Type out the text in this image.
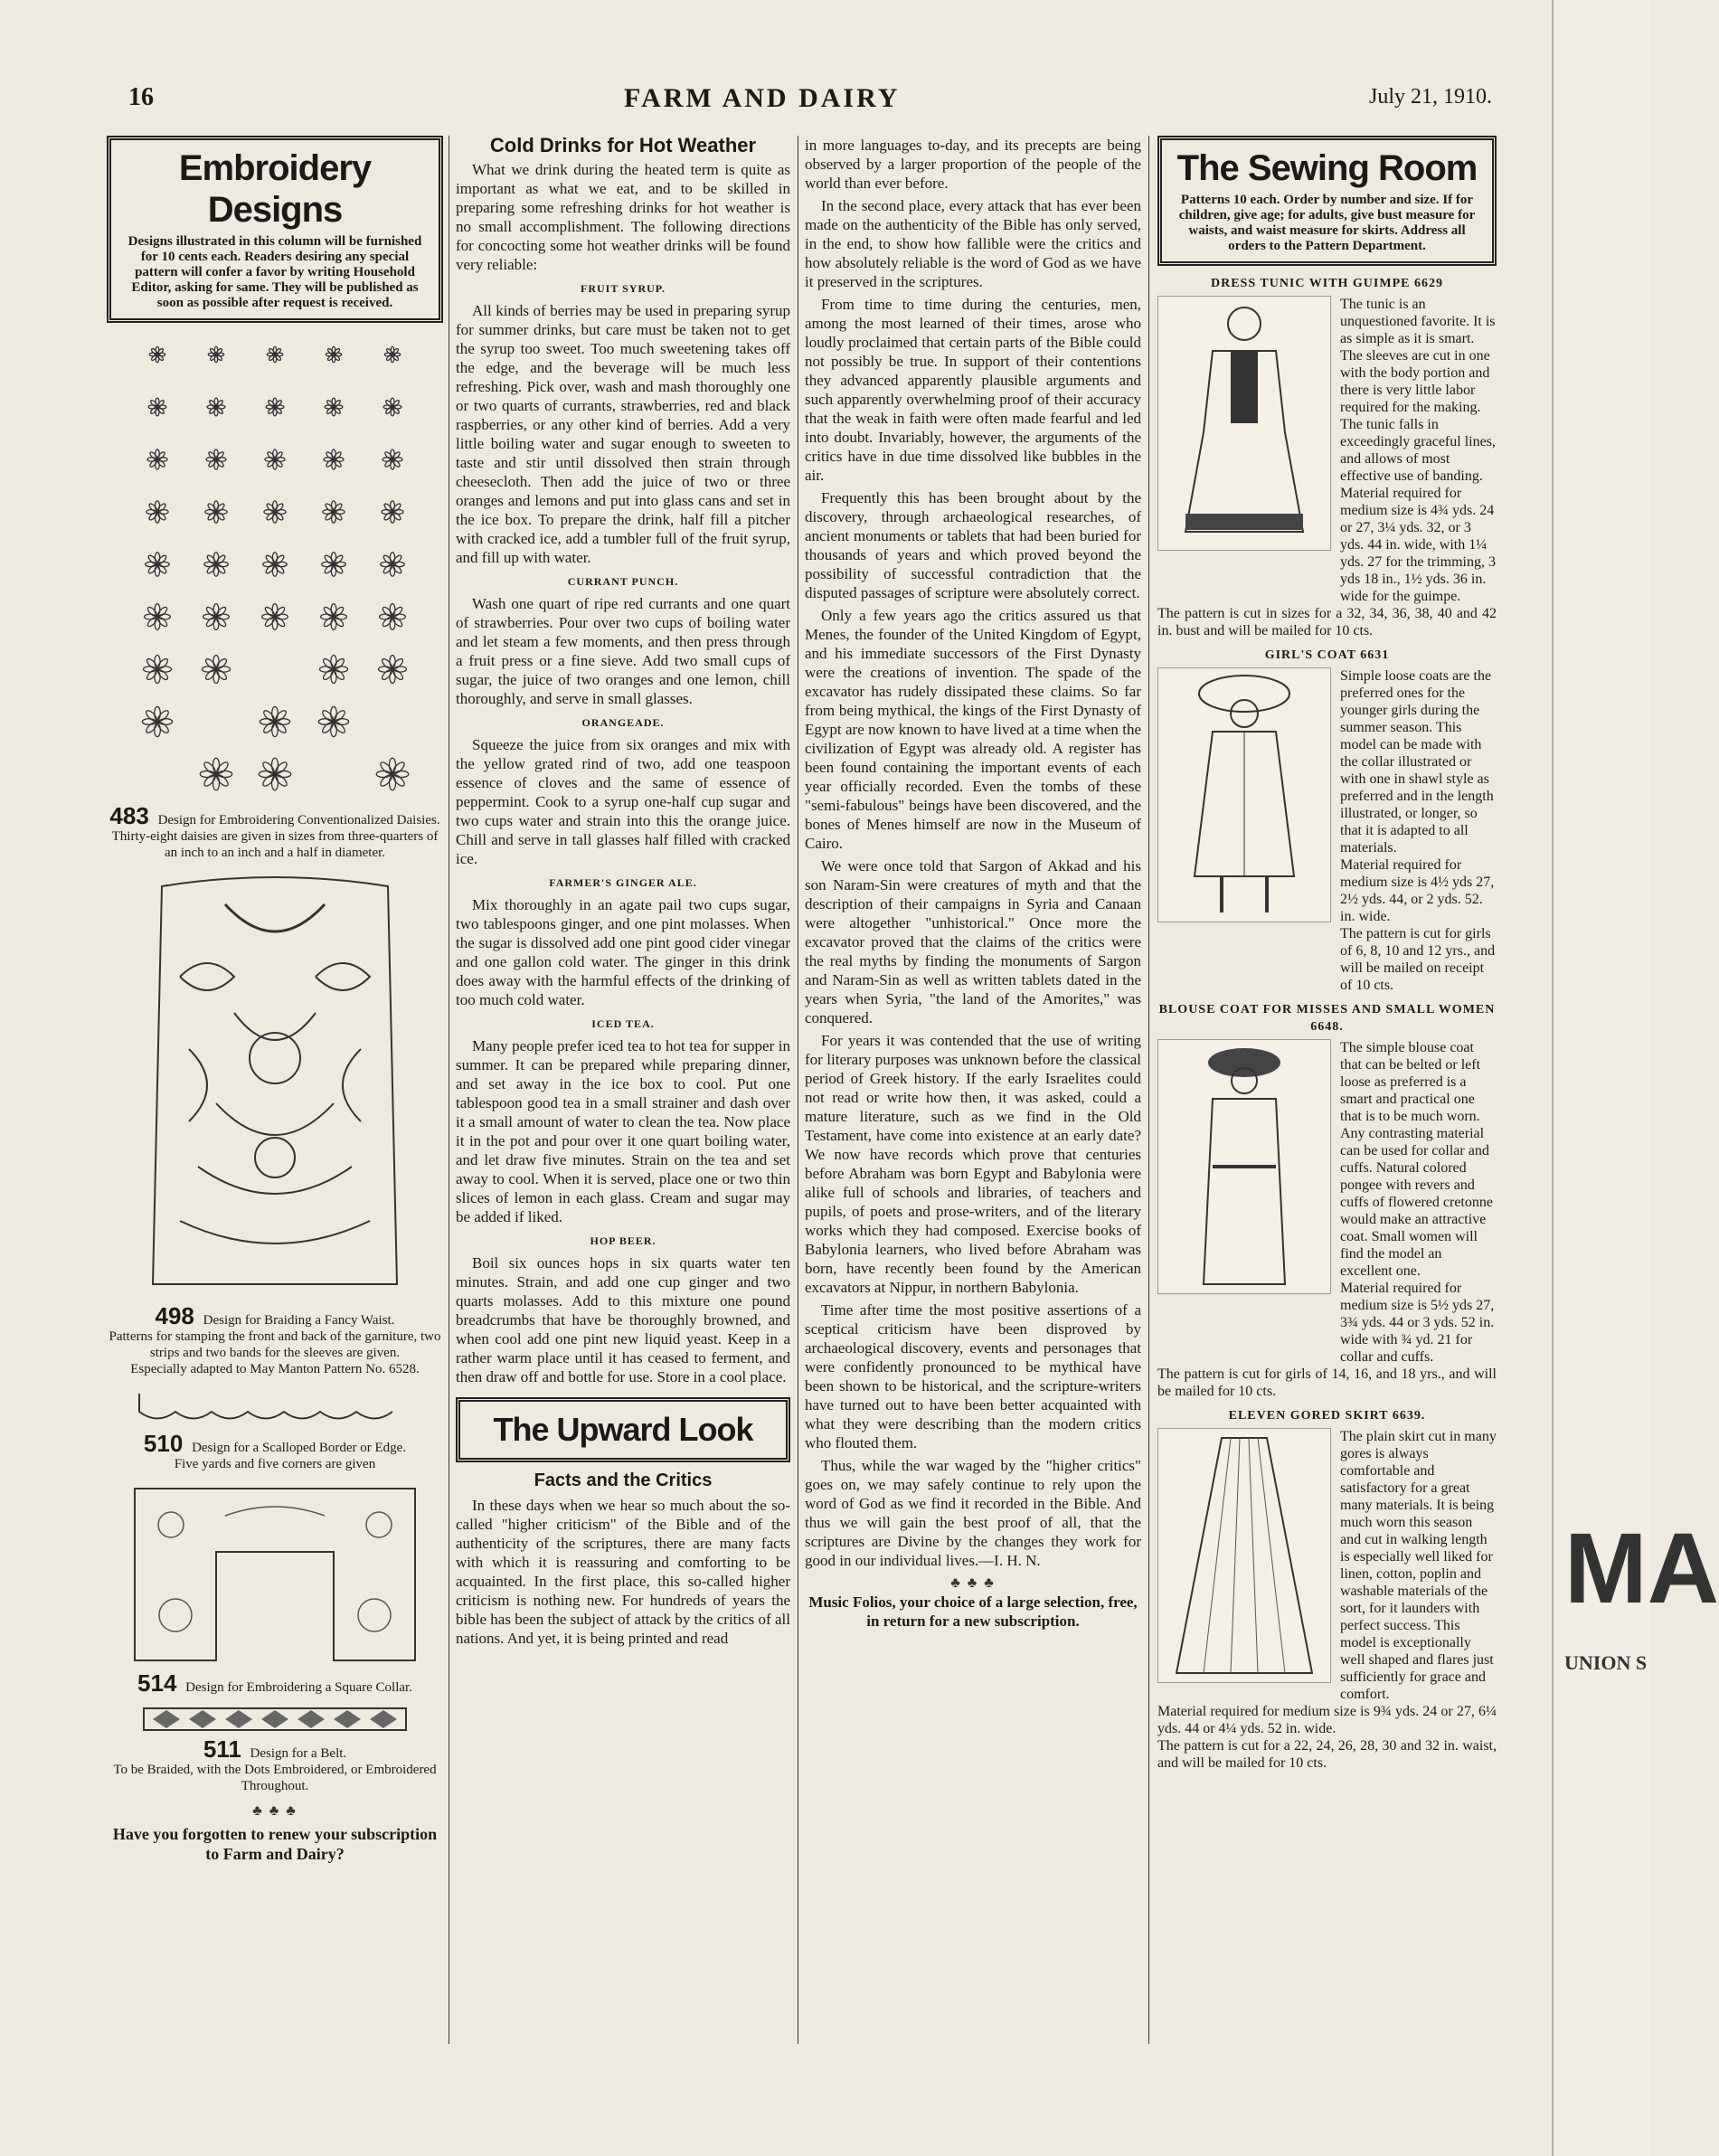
16	FARM AND DAIRY	July 21, 1910.
Embroidery Designs
Designs illustrated in this column will be furnished for 10 cents each. Readers desiring any special pattern will confer a favor by writing Household Editor, asking for same. They will be published as soon as possible after request is received.
483 Design for Embroidering Conventionalized Daisies.
Thirty-eight daisies are given in sizes from three-quarters of an inch to an inch and a half in diameter.
498 Design for Braiding a Fancy Waist.
Patterns for stamping the front and back of the garniture, two strips and two bands for the sleeves are given.
Especially adapted to May Manton Pattern No. 6528.
510 Design for a Scalloped Border or Edge.
Five yards and five corners are given
514 Design for Embroidering a Square Collar.
511 Design for a Belt.
To be Braided, with the Dots Embroidered, or Embroidered Throughout.
♣ ♣ ♣
Have you forgotten to renew your subscription to Farm and Dairy?
Cold Drinks for Hot Weather

What we drink during the heated term is quite as important as what we eat, and to be skilled in preparing some refreshing drinks for hot weather is no small accomplishment. The following directions for concocting some hot weather drinks will be found very reliable:

FRUIT SYRUP.

All kinds of berries may be used in preparing syrup for summer drinks, but care must be taken not to get the syrup too sweet. Too much sweetening takes off the edge, and the beverage will be much less refreshing. Pick over, wash and mash thoroughly one or two quarts of currants, strawberries, red and black raspberries, or any other kind of berries. Add a very little boiling water and sugar enough to sweeten to taste and stir until dissolved then strain through cheesecloth. Then add the juice of two or three oranges and lemons and put into glass cans and set in the ice box. To prepare the drink, half fill a pitcher with cracked ice, add a tumbler full of the fruit syrup, and fill up with water.

CURRANT PUNCH.

Wash one quart of ripe red currants and one quart of strawberries. Pour over two cups of boiling water and let steam a few moments, and then press through a fruit press or a fine sieve. Add two small cups of sugar, the juice of two oranges and one lemon, chill thoroughly, and serve in small glasses.

ORANGEADE.

Squeeze the juice from six oranges and mix with the yellow grated rind of two, add one teaspoon essence of cloves and the same of essence of peppermint. Cook to a syrup one-half cup sugar and two cups water and strain into this the orange juice. Chill and serve in tall glasses half filled with cracked ice.

FARMER'S GINGER ALE.

Mix thoroughly in an agate pail two cups sugar, two tablespoons ginger, and one pint molasses. When the sugar is dissolved add one pint good cider vinegar and one gallon cold water. The ginger in this drink does away with the harmful effects of the drinking of too much cold water.

ICED TEA.

Many people prefer iced tea to hot tea for supper in summer. It can be prepared while preparing dinner, and set away in the ice box to cool. Put one tablespoon good tea in a small strainer and dash over it a small amount of water to clean the tea. Now place it in the pot and pour over it one quart boiling water, and let draw five minutes. Strain on the tea and set away to cool. When it is served, place one or two thin slices of lemon in each glass. Cream and sugar may be added if liked.

HOP BEER.

Boil six ounces hops in six quarts water ten minutes. Strain, and add one cup ginger and two quarts molasses. Add to this mixture one pound breadcrumbs that have be thoroughly browned, and when cool add one pint new liquid yeast. Keep in a rather warm place until it has ceased to ferment, and then draw off and bottle for use. Store in a cool place.

The Upward Look
Facts and the Critics

In these days when we hear so much about the so-called "higher criticism" of the Bible and of the authenticity of the scriptures, there are many facts with which it is reassuring and comforting to be acquainted. In the first place, this so-called higher criticism is nothing new. For hundreds of years the bible has been the subject of attack by the critics of all nations. And yet, it is being printed and read

in more languages to-day, and its precepts are being observed by a larger proportion of the people of the world than ever before.

In the second place, every attack that has ever been made on the authenticity of the Bible has only served, in the end, to show how fallible were the critics and how absolutely reliable is the word of God as we have it preserved in the scriptures.

From time to time during the centuries, men, among the most learned of their times, arose who loudly proclaimed that certain parts of the Bible could not possibly be true. In support of their contentions they advanced apparently plausible arguments and such apparently overwhelming proof of their accuracy that the weak in faith were often made fearful and led into doubt. Invariably, however, the arguments of the critics have in due time dissolved like bubbles in the air.

Frequently this has been brought about by the discovery, through archaeological researches, of ancient monuments or tablets that had been buried for thousands of years and which proved beyond the possibility of successful contradiction that the disputed passages of scripture were absolutely correct.

Only a few years ago the critics assured us that Menes, the founder of the United Kingdom of Egypt, and his immediate successors of the First Dynasty were the creations of invention. The spade of the excavator has rudely dissipated these claims. So far from being mythical, the kings of the First Dynasty of Egypt are now known to have lived at a time when the civilization of Egypt was already old. A register has been found containing the important events of each year officially recorded. Even the tombs of these "semi-fabulous" beings have been discovered, and the bones of Menes himself are now in the Museum of Cairo.

We were once told that Sargon of Akkad and his son Naram-Sin were creatures of myth and that the description of their campaigns in Syria and Canaan were altogether "unhistorical." Once more the excavator proved that the claims of the critics were the real myths by finding the monuments of Sargon and Naram-Sin as well as written tablets dated in the years when Syria, "the land of the Amorites," was conquered.

For years it was contended that the use of writing for literary purposes was unknown before the classical period of Greek history. If the early Israelites could not read or write how then, it was asked, could a mature literature, such as we find in the Old Testament, have come into existence at an early date? We now have records which prove that centuries before Abraham was born Egypt and Babylonia were alike full of schools and libraries, of teachers and pupils, of poets and prose-writers, and of the literary works which they had composed. Exercise books of Babylonia learners, who lived before Abraham was born, have recently been found by the American excavators at Nippur, in northern Babylonia.

Time after time the most positive assertions of a sceptical criticism have been disproved by archaeological discovery, events and personages that were confidently pronounced to be mythical have been shown to be historical, and the scripture-writers have turned out to have been better acquainted with what they were describing than the modern critics who flouted them.

Thus, while the war waged by the "higher critics" goes on, we may safely continue to rely upon the word of God as we find it recorded in the Bible. And thus we will gain the best proof of all, that the scriptures are Divine by the changes they work for good in our individual lives.—I. H. N.

♣ ♣ ♣
Music Folios, your choice of a large selection, free, in return for a new subscription.
The Sewing Room
Patterns 10 each. Order by number and size. If for children, give age; for adults, give bust measure for waists, and waist measure for skirts. Address all orders to the Pattern Department.
DRESS TUNIC WITH GUIMPE 6629
The tunic is an unquestioned favorite. It is as simple as it is smart. The sleeves are cut in one with the body portion and there is very little labor required for the making. The tunic falls in exceedingly graceful lines, and allows of most effective use of banding.
Material required for medium size is 4¾ yds. 24 or 27, 3¼ yds. 32, or 3 yds. 44 in. wide, with 1¼ yds. 27 for the trimming, 3 yds 18 in., 1½ yds. 36 in. wide for the guimpe.
The pattern is cut in sizes for a 32, 34, 36, 38, 40 and 42 in. bust and will be mailed for 10 cts.
GIRL'S COAT 6631
Simple loose coats are the preferred ones for the younger girls during the summer season. This model can be made with the collar illustrated or with one in shawl style as preferred and in the length illustrated, or longer, so that it is adapted to all materials.
Material required for medium size is 4½ yds 27, 2½ yds. 44, or 2 yds. 52. in. wide.
The pattern is cut for girls of 6, 8, 10 and 12 yrs., and will be mailed on receipt of 10 cts.
BLOUSE COAT FOR MISSES AND SMALL WOMEN 6648.
The simple blouse coat that can be belted or left loose as preferred is a smart and practical one that is to be much worn. Any contrasting material can be used for collar and cuffs. Natural colored pongee with revers and cuffs of flowered cretonne would make an attractive coat. Small women will find the model an excellent one.
Material required for medium size is 5½ yds 27, 3¾ yds. 44 or 3 yds. 52 in. wide with ¾ yd. 21 for collar and cuffs.
The pattern is cut for girls of 14, 16, and 18 yrs., and will be mailed for 10 cts.
ELEVEN GORED SKIRT 6639.
The plain skirt cut in many gores is always comfortable and satisfactory for a great many materials. It is being much worn this season and cut in walking length is especially well liked for linen, cotton, poplin and washable materials of the sort, for it launders with perfect success. This model is exceptionally well shaped and flares just sufficiently for grace and comfort.
Material required for medium size is 9¾ yds. 24 or 27, 6¼ yds. 44 or 4¼ yds. 52 in. wide.
The pattern is cut for a 22, 24, 26, 28, 30 and 32 in. waist, and will be mailed for 10 cts.
MA
UNION S
